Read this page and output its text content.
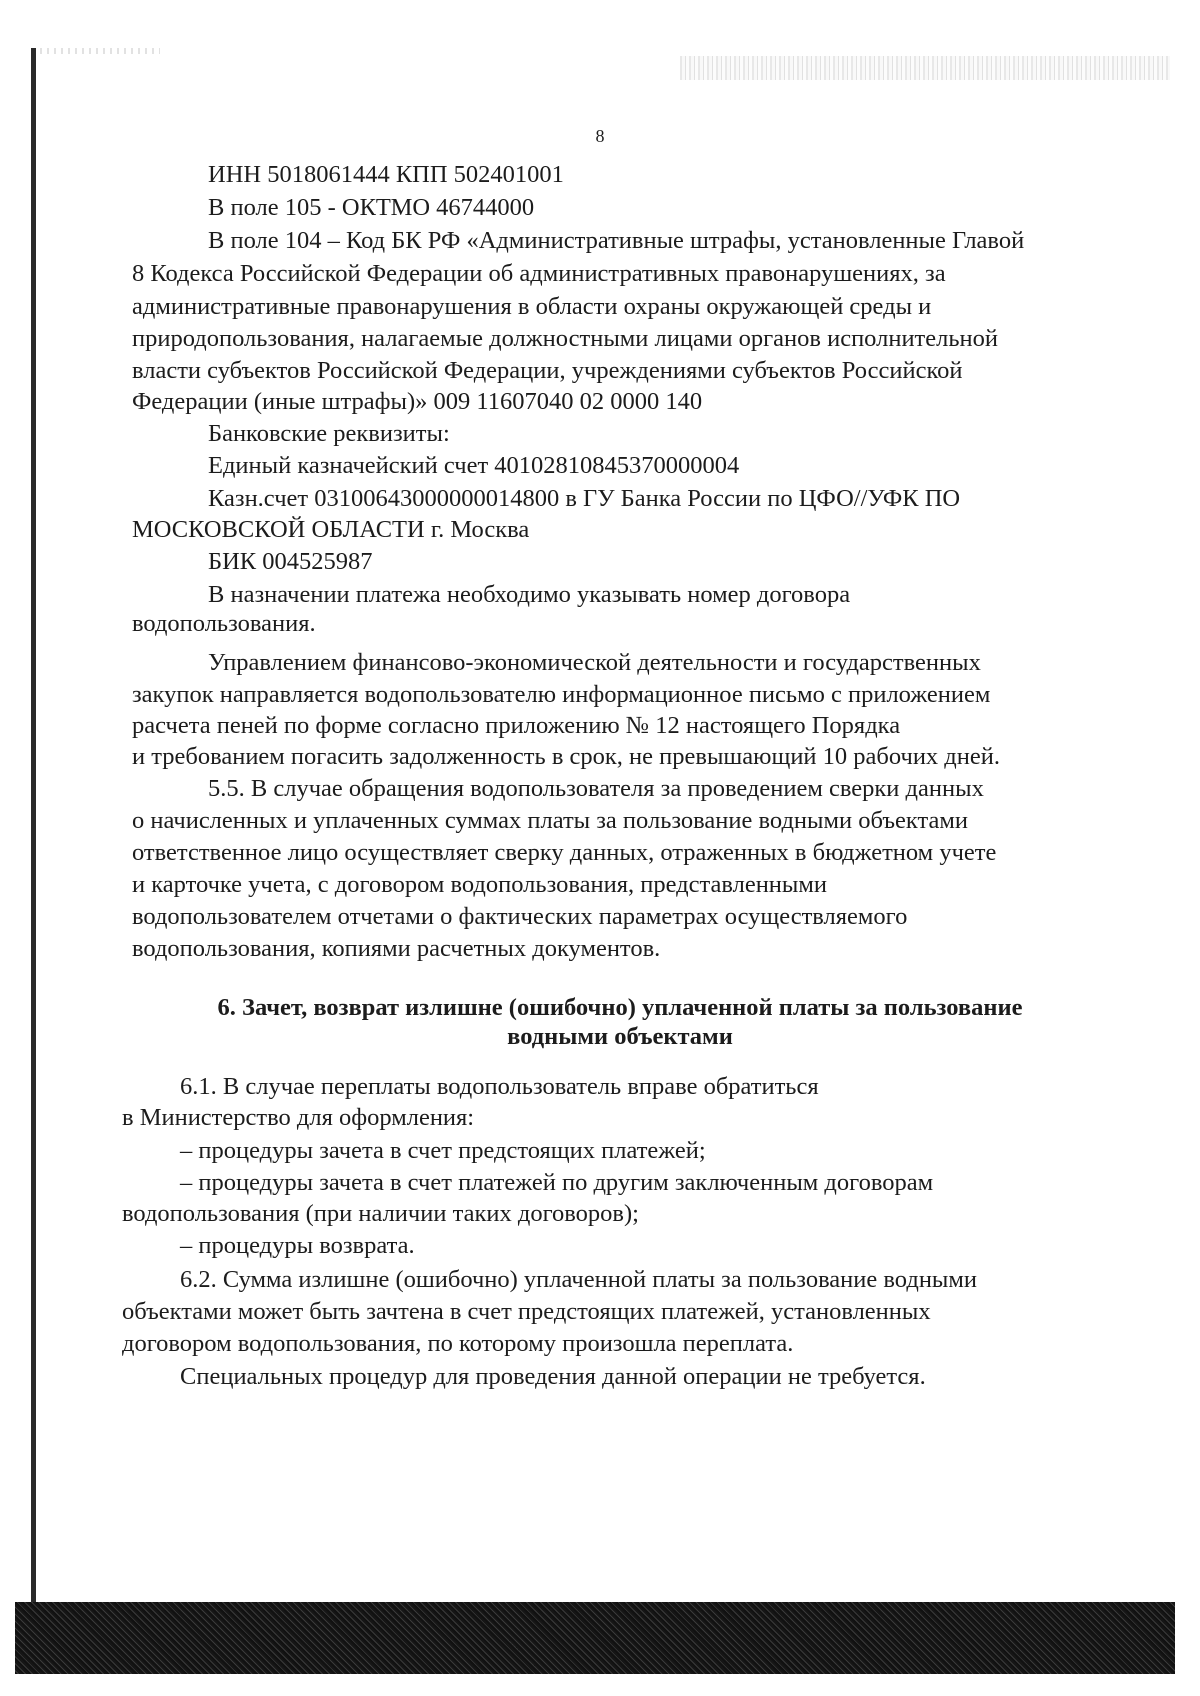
8
ИНН 5018061444 КПП 502401001
В поле 105 - ОКТМО 46744000
В поле 104 – Код БК РФ «Административные штрафы, установленные Главой
8 Кодекса Российской Федерации об административных правонарушениях, за
административные правонарушения в области охраны окружающей среды и
природопользования, налагаемые должностными лицами органов исполнительной
власти субъектов Российской Федерации, учреждениями субъектов Российской
Федерации (иные штрафы)» 009 11607040 02 0000 140
Банковские реквизиты:
Единый казначейский счет 40102810845370000004
Казн.счет 03100643000000014800 в ГУ Банка России по ЦФО//УФК ПО
МОСКОВСКОЙ ОБЛАСТИ г. Москва
БИК 004525987
В назначении платежа необходимо указывать номер договора
водопользования.
Управлением финансово-экономической деятельности и государственных
закупок направляется водопользователю информационное письмо с приложением
расчета пеней по форме согласно приложению № 12 настоящего Порядка
и требованием погасить задолженность в срок, не превышающий 10 рабочих дней.
5.5. В случае обращения водопользователя за проведением сверки данных
о начисленных и уплаченных суммах платы за пользование водными объектами
ответственное лицо осуществляет сверку данных, отраженных в бюджетном учете
и карточке учета, с договором водопользования, представленными
водопользователем отчетами о фактических параметрах осуществляемого
водопользования, копиями расчетных документов.
6. Зачет, возврат излишне (ошибочно) уплаченной платы за пользование
водными объектами
6.1. В случае переплаты водопользователь вправе обратиться
в Министерство для оформления:
– процедуры зачета в счет предстоящих платежей;
– процедуры зачета в счет платежей по другим заключенным договорам
водопользования (при наличии таких договоров);
– процедуры возврата.
6.2. Сумма излишне (ошибочно) уплаченной платы за пользование водными
объектами может быть зачтена в счет предстоящих платежей, установленных
договором водопользования, по которому произошла переплата.
Специальных процедур для проведения данной операции не требуется.
